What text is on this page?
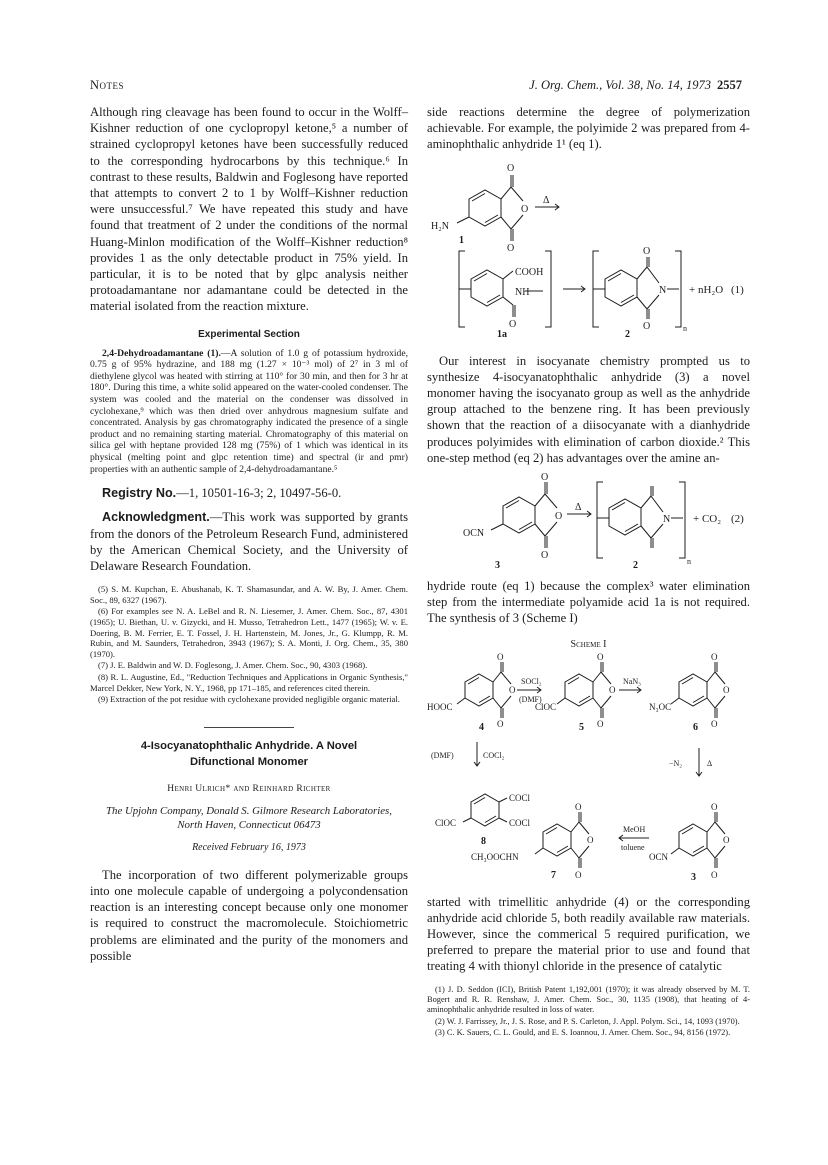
Notes	J. Org. Chem., Vol. 38, No. 14, 1973 2557

Although ring cleavage has been found to occur in the Wolff–Kishner reduction of one cyclopropyl ketone,⁵ a number of strained cyclopropyl ketones have been successfully reduced to the corresponding hydrocarbons by this technique.⁶ In contrast to these results, Baldwin and Foglesong have reported that attempts to convert 2 to 1 by Wolff–Kishner reduction were unsuccessful.⁷ We have repeated this study and have found that treatment of 2 under the conditions of the normal Huang-Minlon modification of the Wolff–Kishner reduction⁸ provides 1 as the only detectable product in 75% yield. In particular, it is to be noted that by glpc analysis neither protoadamantane nor adamantane could be detected in the material isolated from the reaction mixture.

Experimental Section

2,4-Dehydroadamantane (1).—A solution of 1.0 g of potassium hydroxide, 0.75 g of 95% hydrazine, and 188 mg (1.27 × 10⁻³ mol) of 2⁷ in 3 ml of diethylene glycol was heated with stirring at 110° for 30 min, and then for 3 hr at 180°. During this time, a white solid appeared on the water-cooled condenser. The system was cooled and the material on the condenser was dissolved in cyclohexane,⁹ which was then dried over anhydrous magnesium sulfate and concentrated. Analysis by gas chromatography indicated the presence of a single product and no remaining starting material. Chromatography of this material on silica gel with heptane provided 128 mg (75%) of 1 which was identical in its physical (melting point and glpc retention time) and spectral (ir and pmr) properties with an authentic sample of 2,4-dehydroadamantane.⁵

Registry No.—1, 10501-16-3; 2, 10497-56-0.

Acknowledgment.—This work was supported by grants from the donors of the Petroleum Research Fund, administered by the American Chemical Society, and the University of Delaware Research Foundation.

(5) S. M. Kupchan, E. Abushanab, K. T. Shamasundar, and A. W. By, J. Amer. Chem. Soc., 89, 6327 (1967).

(6) For examples see N. A. LeBel and R. N. Liesemer, J. Amer. Chem. Soc., 87, 4301 (1965); U. Biethan, U. v. Gizycki, and H. Musso, Tetrahedron Lett., 1477 (1965); W. v. E. Doering, B. M. Ferrier, E. T. Fossel, J. H. Hartenstein, M. Jones, Jr., G. Klumpp, R. M. Rubin, and M. Saunders, Tetrahedron, 3943 (1967); S. A. Monti, J. Org. Chem., 35, 380 (1970).

(7) J. E. Baldwin and W. D. Foglesong, J. Amer. Chem. Soc., 90, 4303 (1968).

(8) R. L. Augustine, Ed., "Reduction Techniques and Applications in Organic Synthesis," Marcel Dekker, New York, N. Y., 1968, pp 171–185, and references cited therein.

(9) Extraction of the pot residue with cyclohexane provided negligible organic material.

4-Isocyanatophthalic Anhydride. A Novel
Difunctional Monomer
Henri Ulrich* and Reinhard Richter
The Upjohn Company, Donald S. Gilmore Research Laboratories,
North Haven, Connecticut 06473
Received February 16, 1973

The incorporation of two different polymerizable groups into one molecule capable of undergoing a polycondensation reaction is an interesting concept because only one monomer is required to construct the macromolecule. Stoichiometric problems are eliminated and the purity of the monomers and possible

side reactions determine the degree of polymerization achievable. For example, the polyimide 2 was prepared from 4-aminophthalic anhydride 1¹ (eq 1).

O
O
O
H₂N
Δ
1
COOH
NH
O
1a
O
N
O
2
n
+ nH₂O (1)

Our interest in isocyanate chemistry prompted us to synthesize 4-isocyanatophthalic anhydride (3) a novel monomer having the isocyanato group as well as the anhydride group attached to the benzene ring. It has been previously shown that the reaction of a diisocyanate with a dianhydride produces polyimides with elimination of carbon dioxide.² This one-step method (eq 2) has advantages over the amine an-

O
O
O
OCN
Δ
3
N
2	n
+ CO₂ (2)

hydride route (eq 1) because the complex³ water elimination step from the intermediate polyamide acid 1a is not required. The synthesis of 3 (Scheme I)

Scheme I
O
O
O
HOOC
4
SOCl₂
(DMF)
O
O
O
ClOC
5
NaN₃
O
O
O
N₃OC
6
(DMF)	COCl₂
−N₂	Δ
COCl
COCl
ClOC
8
O
O
O
CH₃OOCHN
7
MeOH
toluene
O
O
O
OCN
3

started with trimellitic anhydride (4) or the corresponding anhydride acid chloride 5, both readily available raw materials. However, since the commerical 5 required purification, we preferred to prepare the material prior to use and found that treating 4 with thionyl chloride in the presence of catalytic

(1) J. D. Seddon (ICI), British Patent 1,192,001 (1970); it was already observed by M. T. Bogert and R. R. Renshaw, J. Amer. Chem. Soc., 30, 1135 (1908), that heating of 4-aminophthalic anhydride resulted in loss of water.

(2) W. J. Farrissey, Jr., J. S. Rose, and P. S. Carleton, J. Appl. Polym. Sci., 14, 1093 (1970).

(3) C. K. Sauers, C. L. Gould, and E. S. Ioannou, J. Amer. Chem. Soc., 94, 8156 (1972).
